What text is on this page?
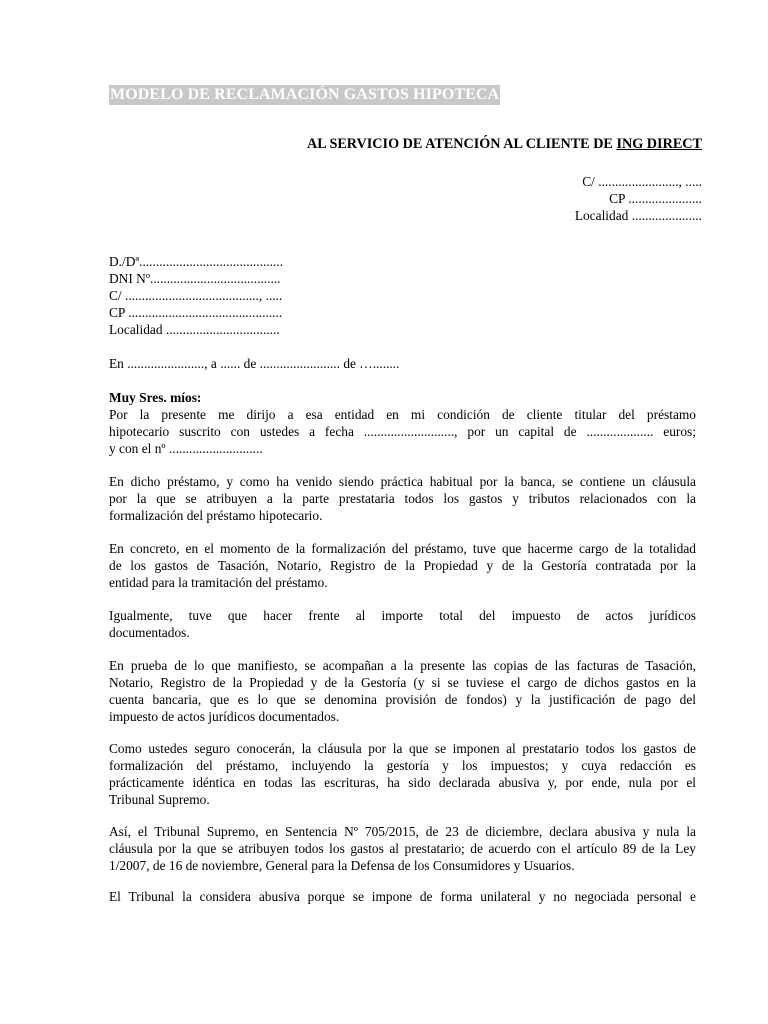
MODELO DE RECLAMACIÓN GASTOS HIPOTECA
AL SERVICIO DE ATENCIÓN AL CLIENTE DE ING DIRECT
C/ ........................, .....
CP ......................
Localidad .....................
D./Dª...........................................
DNI Nº.......................................
C/ ........................................, .....
CP ..............................................
Localidad ..................................
En ......................., a ...... de ........................ de …........
Muy Sres. míos:
Por la presente me dirijo a esa entidad en mi condición de cliente titular del préstamo
hipotecario suscrito con ustedes a fecha ..........................., por un capital de .................... euros;
y con el nº ............................
En dicho préstamo, y como ha venido siendo práctica habitual por la banca, se contiene un cláusula
por la que se atribuyen a la parte prestataria todos los gastos y tributos relacionados con la
formalización del préstamo hipotecario.
En concreto, en el momento de la formalización del préstamo, tuve que hacerme cargo de la totalidad
de los gastos de Tasación, Notario, Registro de la Propiedad y de la Gestoría contratada por la
entidad para la tramitación del préstamo.
Igualmente, tuve que hacer frente al importe total del impuesto de actos jurídicos
documentados.
En prueba de lo que manifiesto, se acompañan a la presente las copias de las facturas de Tasación,
Notario, Registro de la Propiedad y de la Gestoría (y si se tuviese el cargo de dichos gastos en la
cuenta bancaria, que es lo que se denomina provisión de fondos) y la justificación de pago del
impuesto de actos jurídicos documentados.
Como ustedes seguro conocerán, la cláusula por la que se imponen al prestatario todos los gastos de
formalización del préstamo, incluyendo la gestoría y los impuestos; y cuya redacción es
prácticamente idéntica en todas las escrituras, ha sido declarada abusiva y, por ende, nula por el
Tribunal Supremo.
Así, el Tribunal Supremo, en Sentencia Nº 705/2015, de 23 de diciembre, declara abusiva y nula la
cláusula por la que se atribuyen todos los gastos al prestatario; de acuerdo con el artículo 89 de la Ley
1/2007, de 16 de noviembre, General para la Defensa de los Consumidores y Usuarios.
El Tribunal la considera abusiva porque se impone de forma unilateral y no negociada personal e
